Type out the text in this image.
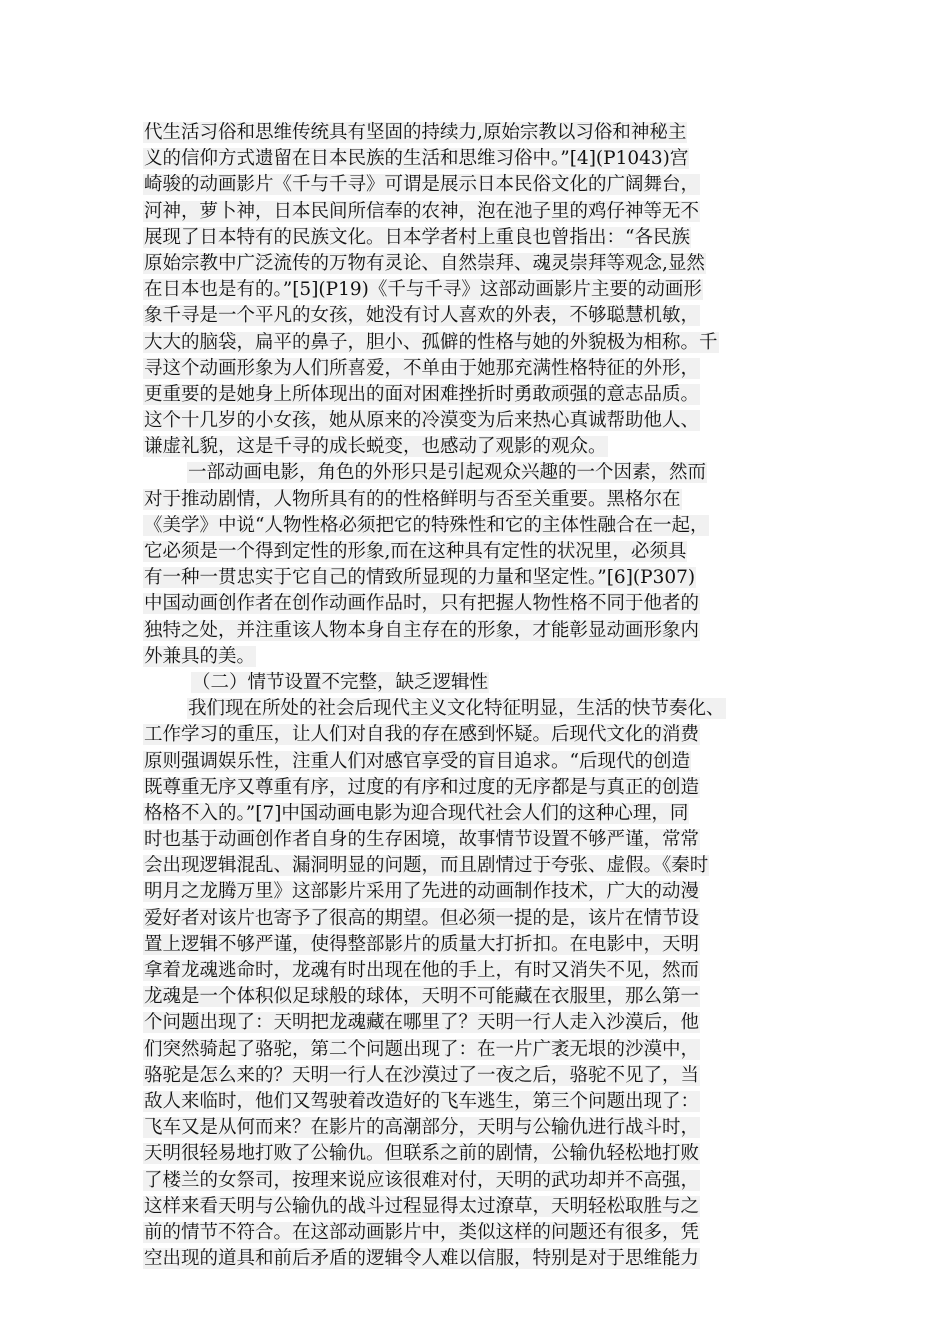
代生活习俗和思维传统具有坚固的持续力,原始宗教以习俗和神秘主
义的信仰方式遗留在日本民族的生活和思维习俗中。”[4](P1043)宫
崎骏的动画影片《千与千寻》可谓是展示日本民俗文化的广阔舞台，
河神，萝卜神，日本民间所信奉的农神，泡在池子里的鸡仔神等无不
展现了日本特有的民族文化。日本学者村上重良也曾指出：“各民族
原始宗教中广泛流传的万物有灵论、自然崇拜、魂灵崇拜等观念,显然
在日本也是有的。”[5](P19)《千与千寻》这部动画影片主要的动画形
象千寻是一个平凡的女孩，她没有讨人喜欢的外表，不够聪慧机敏，
大大的脑袋，扁平的鼻子，胆小、孤僻的性格与她的外貌极为相称。千
寻这个动画形象为人们所喜爱，不单由于她那充满性格特征的外形，
更重要的是她身上所体现出的面对困难挫折时勇敢顽强的意志品质。
这个十几岁的小女孩，她从原来的冷漠变为后来热心真诚帮助他人、
谦虚礼貌，这是千寻的成长蜕变，也感动了观影的观众。
一部动画电影，角色的外形只是引起观众兴趣的一个因素，然而
对于推动剧情，人物所具有的的性格鲜明与否至关重要。黑格尔在
《美学》中说“人物性格必须把它的特殊性和它的主体性融合在一起，
它必须是一个得到定性的形象,而在这种具有定性的状况里，必须具
有一种一贯忠实于它自己的情致所显现的力量和坚定性。”[6](P307)
中国动画创作者在创作动画作品时，只有把握人物性格不同于他者的
独特之处，并注重该人物本身自主存在的形象，才能彰显动画形象内
外兼具的美。
（二）情节设置不完整，缺乏逻辑性
我们现在所处的社会后现代主义文化特征明显，生活的快节奏化、
工作学习的重压，让人们对自我的存在感到怀疑。后现代文化的消费
原则强调娱乐性，注重人们对感官享受的盲目追求。“后现代的创造
既尊重无序又尊重有序，过度的有序和过度的无序都是与真正的创造
格格不入的。”[7]中国动画电影为迎合现代社会人们的这种心理，同
时也基于动画创作者自身的生存困境，故事情节设置不够严谨，常常
会出现逻辑混乱、漏洞明显的问题，而且剧情过于夸张、虚假。《秦时
明月之龙腾万里》这部影片采用了先进的动画制作技术，广大的动漫
爱好者对该片也寄予了很高的期望。但必须一提的是，该片在情节设
置上逻辑不够严谨，使得整部影片的质量大打折扣。在电影中，天明
拿着龙魂逃命时，龙魂有时出现在他的手上，有时又消失不见，然而
龙魂是一个体积似足球般的球体，天明不可能藏在衣服里，那么第一
个问题出现了：天明把龙魂藏在哪里了？天明一行人走入沙漠后，他
们突然骑起了骆驼，第二个问题出现了：在一片广袤无垠的沙漠中，
骆驼是怎么来的？天明一行人在沙漠过了一夜之后，骆驼不见了，当
敌人来临时，他们又驾驶着改造好的飞车逃生，第三个问题出现了：
飞车又是从何而来？在影片的高潮部分，天明与公输仇进行战斗时，
天明很轻易地打败了公输仇。但联系之前的剧情，公输仇轻松地打败
了楼兰的女祭司，按理来说应该很难对付，天明的武功却并不高强，
这样来看天明与公输仇的战斗过程显得太过潦草，天明轻松取胜与之
前的情节不符合。在这部动画影片中，类似这样的问题还有很多，凭
空出现的道具和前后矛盾的逻辑令人难以信服，特别是对于思维能力
